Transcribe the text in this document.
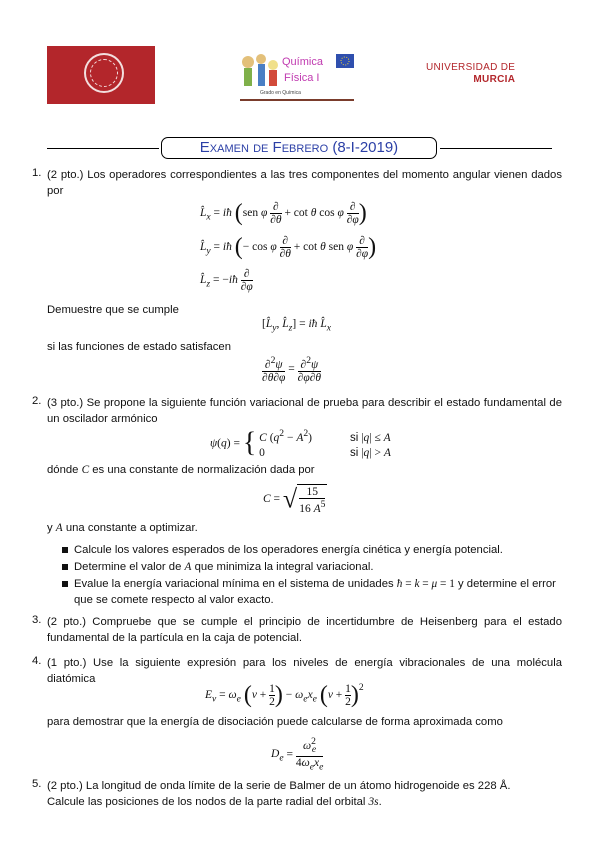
Química
Física I
Grado en Química
UNIVERSIDAD DE
MURCIA
Examen de Febrero (8-I-2019)
1. (2 pto.) Los operadores correspondientes a las tres componentes del momento angular vienen dados por
$L̂_x$ = iħ (sen φ $\frac{\partial}{\partial\theta} + \cot \theta$ cos φ $\frac{\partial}{\partial\varphi}$ )
$L̂_y$ = iħ (− cos φ $\frac{\partial}{\partial\theta} + \cot \theta$ sen φ $\frac{\partial}{\partial\varphi}$ )
$L̂_z$ = −iħ $\frac{\partial}{\partial\varphi}$
Demuestre que se cumple
[$L̂_y$, $L̂_z$] = iħ $L̂_x$
si las funciones de estado satisfacen
$\frac{\partial^2\psi}{\partial\theta\partial\varphi} = \frac{\partial^2\psi}{\partial\varphi\partial\theta}$
2. (3 pto.) Se propone la siguiente función variacional de prueba para describir el estado fundamental de un oscilador armónico
ψ(q) = { C $(q^2 - A^2)$	si |q| ≤ A
0	si |q| > A
dónde C es una constante de normalización dada por
C = √ $\frac{15}{16 A^5}$
y A una constante a optimizar.
Calcule los valores esperados de los operadores energía cinética y energía potencial.
Determine el valor de A que minimiza la integral variacional.
Evalue la energía variacional mínima en el sistema de unidades ħ = k = μ = 1 y determine el error que se comete respecto al valor exacto.
3. (2 pto.) Compruebe que se cumple el principio de incertidumbre de Heisenberg para el estado fundamental de la partícula en la caja de potencial.
4. (1 pto.) Use la siguiente expresión para los niveles de energía vibracionales de una molécula diatómica
$E_v = \omega_e$ ($v + \frac{1}{2}$ ) − $\omega_ex_e$ $(v + \frac{1}{2} )^2$
para demostrar que la energía de disociación puede calcularse de forma aproximada como
$D_e = \frac{\omega^2_e}{4\omega_ex_e}$
5. (2 pto.) La longitud de onda límite de la serie de Balmer de un átomo hidrogenoide es 228 Å.
Calcule las posiciones de los nodos de la parte radial del orbital 3s.
